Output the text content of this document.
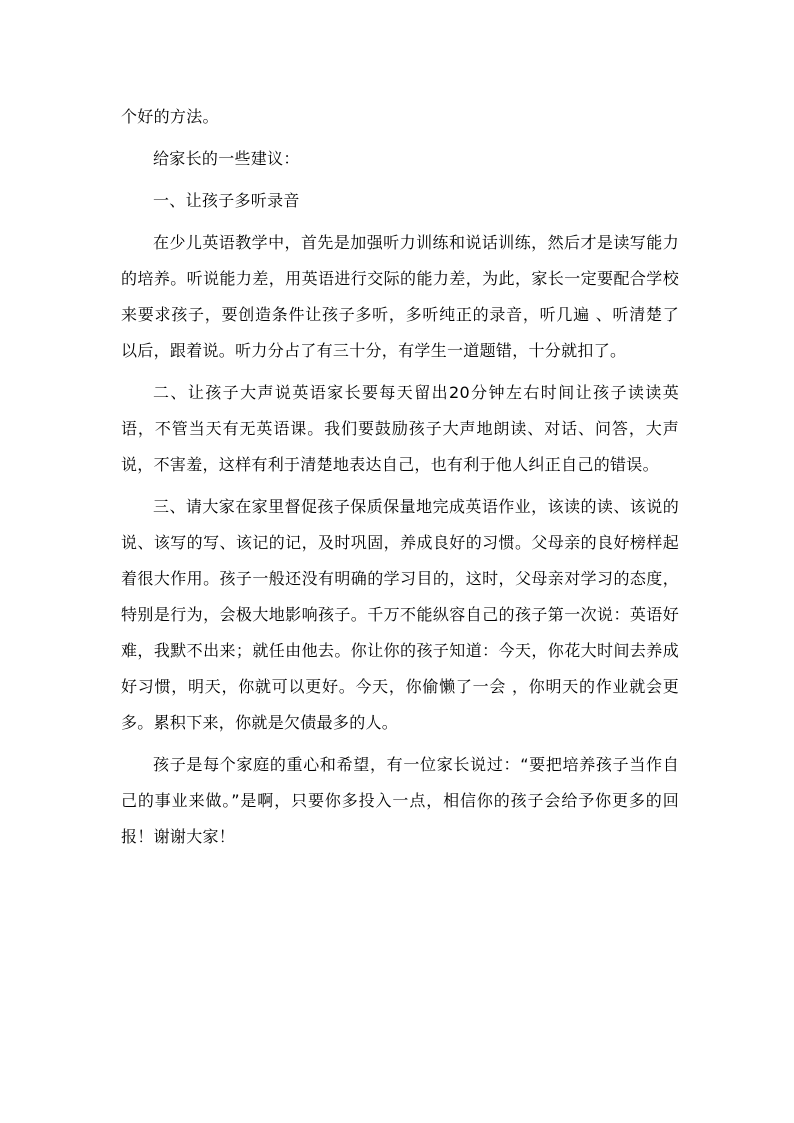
个好的方法。

给家长的一些建议：

一、让孩子多听录音

在少儿英语教学中，首先是加强听力训练和说话训练，然后才是读写能力的培养。听说能力差，用英语进行交际的能力差，为此，家长一定要配合学校来要求孩子，要创造条件让孩子多听，多听纯正的录音，听几遍 、听清楚了以后，跟着说。听力分占了有三十分，有学生一道题错，十分就扣了。

二、让孩子大声说英语家长要每天留出20分钟左右时间让孩子读读英语，不管当天有无英语课。我们要鼓励孩子大声地朗读、对话、问答，大声说，不害羞，这样有利于清楚地表达自己，也有利于他人纠正自己的错误。

三、请大家在家里督促孩子保质保量地完成英语作业，该读的读、该说的说、该写的写、该记的记，及时巩固，养成良好的习惯。父母亲的良好榜样起着很大作用。孩子一般还没有明确的学习目的，这时，父母亲对学习的态度，特别是行为，会极大地影响孩子。千万不能纵容自己的孩子第一次说：英语好难，我默不出来；就任由他去。你让你的孩子知道：今天，你花大时间去养成好习惯，明天，你就可以更好。今天，你偷懒了一会 ，你明天的作业就会更多。累积下来，你就是欠债最多的人。

孩子是每个家庭的重心和希望，有一位家长说过：“要把培养孩子当作自己的事业来做。”是啊，只要你多投入一点，相信你的孩子会给予你更多的回报！谢谢大家！
